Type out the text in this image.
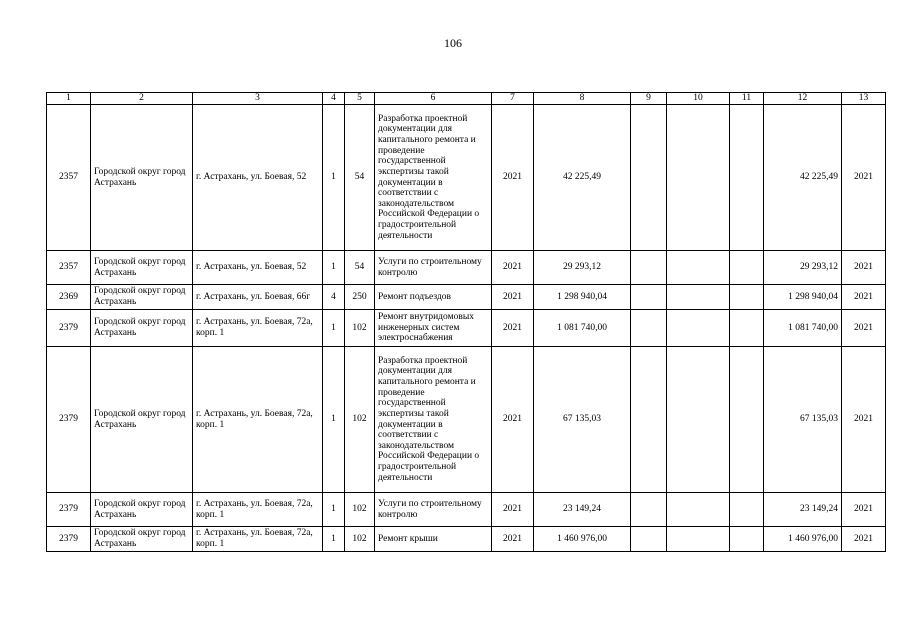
106
1	2	3	4	5	6	7	8	9	10	11	12	13
2357	Городской округ город Астрахань	г. Астрахань, ул. Боевая, 52	1	54	Разработка проектной документации для капитального ремонта и проведение государственной экспертизы такой документации в соответствии с законодательством Российской Федерации о градостроительной деятельности	2021	42 225,49				42 225,49	2021
2357	Городской округ город Астрахань	г. Астрахань, ул. Боевая, 52	1	54	Услуги по строительному контролю	2021	29 293,12				29 293,12	2021
2369	Городской округ город Астрахань	г. Астрахань, ул. Боевая, 66г	4	250	Ремонт подъездов	2021	1 298 940,04				1 298 940,04	2021
2379	Городской округ город Астрахань	г. Астрахань, ул. Боевая, 72а, корп. 1	1	102	Ремонт внутридомовых инженерных систем электроснабжения	2021	1 081 740,00				1 081 740,00	2021
2379	Городской округ город Астрахань	г. Астрахань, ул. Боевая, 72а, корп. 1	1	102	Разработка проектной документации для капитального ремонта и проведение государственной экспертизы такой документации в соответствии с законодательством Российской Федерации о градостроительной деятельности	2021	67 135,03				67 135,03	2021
2379	Городской округ город Астрахань	г. Астрахань, ул. Боевая, 72а, корп. 1	1	102	Услуги по строительному контролю	2021	23 149,24				23 149,24	2021
2379	Городской округ город Астрахань	г. Астрахань, ул. Боевая, 72а, корп. 1	1	102	Ремонт крыши	2021	1 460 976,00				1 460 976,00	2021
